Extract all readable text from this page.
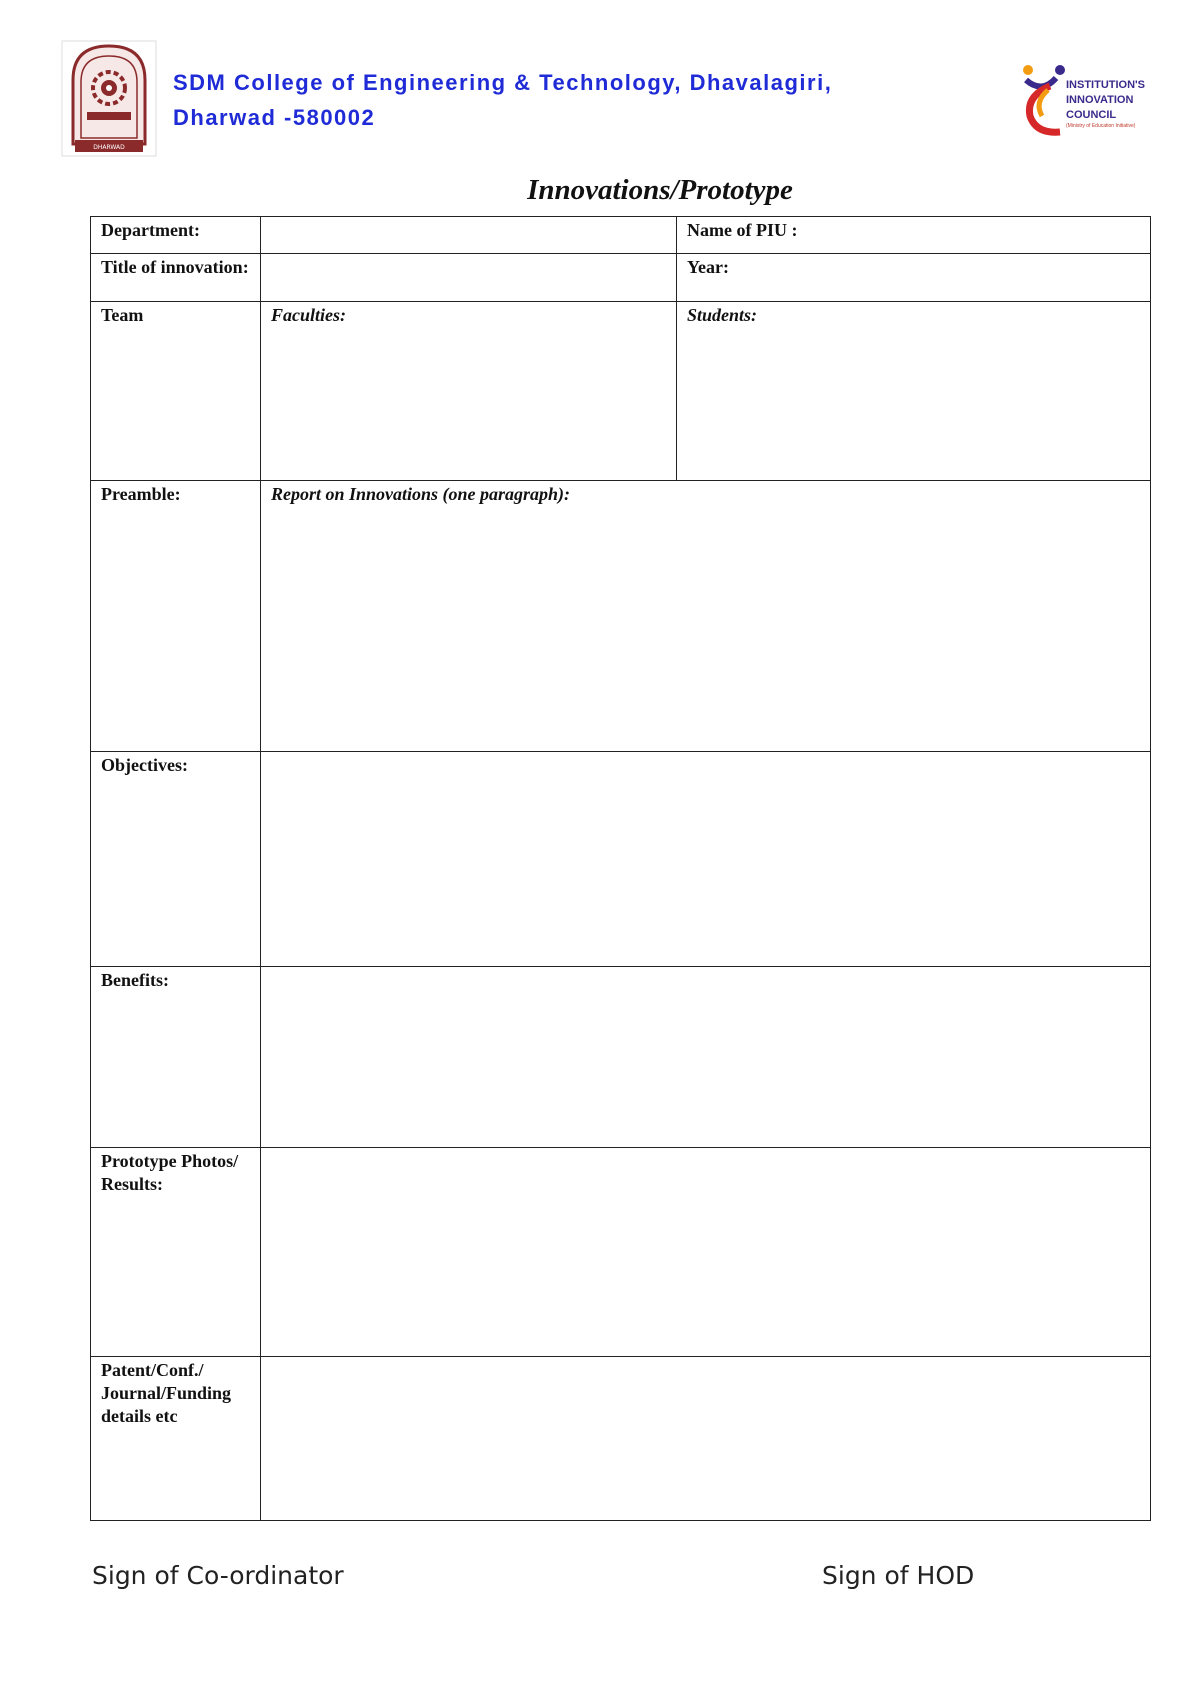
DHARWAD
SDM College of Engineering & Technology, Dhavalagiri,
Dharwad -580002
INSTITUTION'S
INNOVATION
COUNCIL
(Ministry of Education Initiative)
Innovations/Prototype
Department:		Name of PIU :
Title of innovation:		Year:
Team	Faculties:	Students:
Preamble:	Report on Innovations (one paragraph):	
Objectives:		
Benefits:		
Prototype Photos/ Results:		
Patent/Conf./ Journal/Funding details etc		
Sign of Co-ordinator	Sign of HOD
